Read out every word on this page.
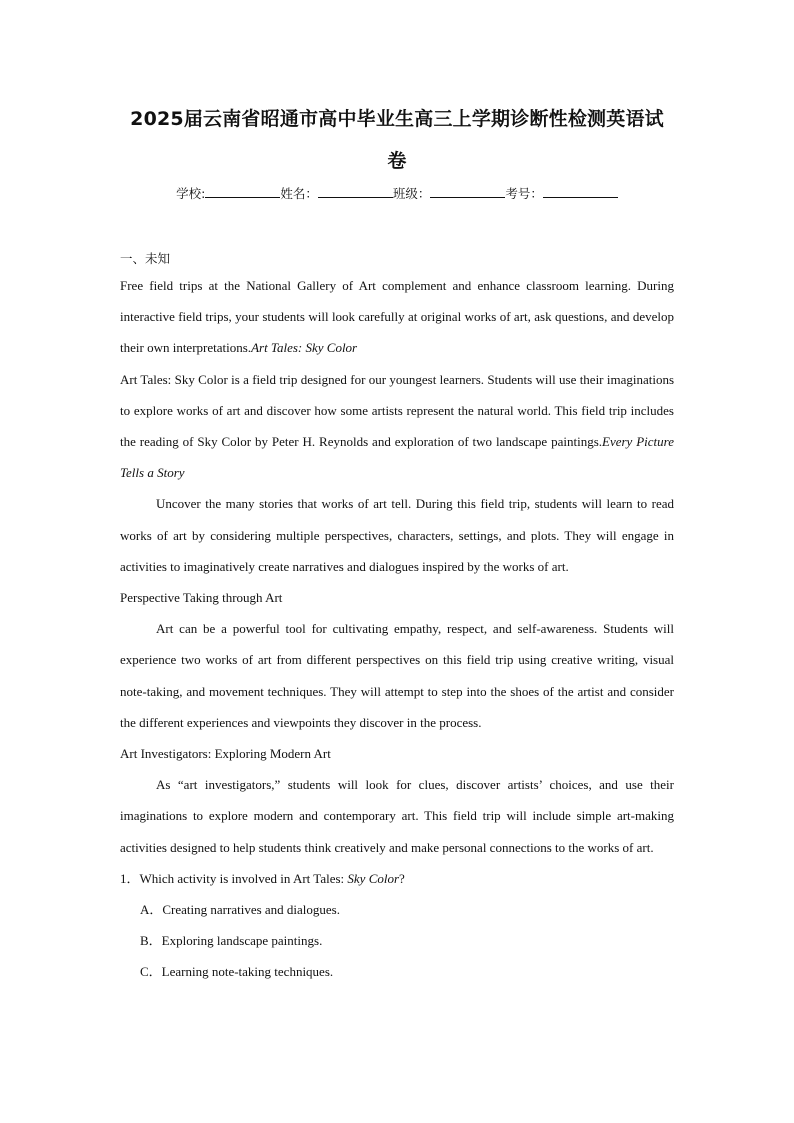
2025届云南省昭通市高中毕业生高三上学期诊断性检测英语试
卷
学校:	姓名：	班级：	考号：
一、未知

Free field trips at the National Gallery of Art complement and enhance classroom learning. During interactive field trips, your students will look carefully at original works of art, ask questions, and develop their own interpretations.Art Tales: Sky Color

Art Tales: Sky Color is a field trip designed for our youngest learners. Students will use their imaginations to explore works of art and discover how some artists represent the natural world. This field trip includes the reading of Sky Color by Peter H. Reynolds and exploration of two landscape paintings.Every Picture Tells a Story

Uncover the many stories that works of art tell. During this field trip, students will learn to read works of art by considering multiple perspectives, characters, settings, and plots. They will engage in activities to imaginatively create narratives and dialogues inspired by the works of art.

Perspective Taking through Art

Art can be a powerful tool for cultivating empathy, respect, and self-awareness. Students will experience two works of art from different perspectives on this field trip using creative writing, visual note-taking, and movement techniques. They will attempt to step into the shoes of the artist and consider the different experiences and viewpoints they discover in the process.

Art Investigators: Exploring Modern Art

As “art investigators,” students will look for clues, discover artists’ choices, and use their imaginations to explore modern and contemporary art. This field trip will include simple art-making activities designed to help students think creatively and make personal connections to the works of art.

1．Which activity is involved in Art Tales: Sky Color?

A．Creating narratives and dialogues.

B．Exploring landscape paintings.

C．Learning note-taking techniques.
